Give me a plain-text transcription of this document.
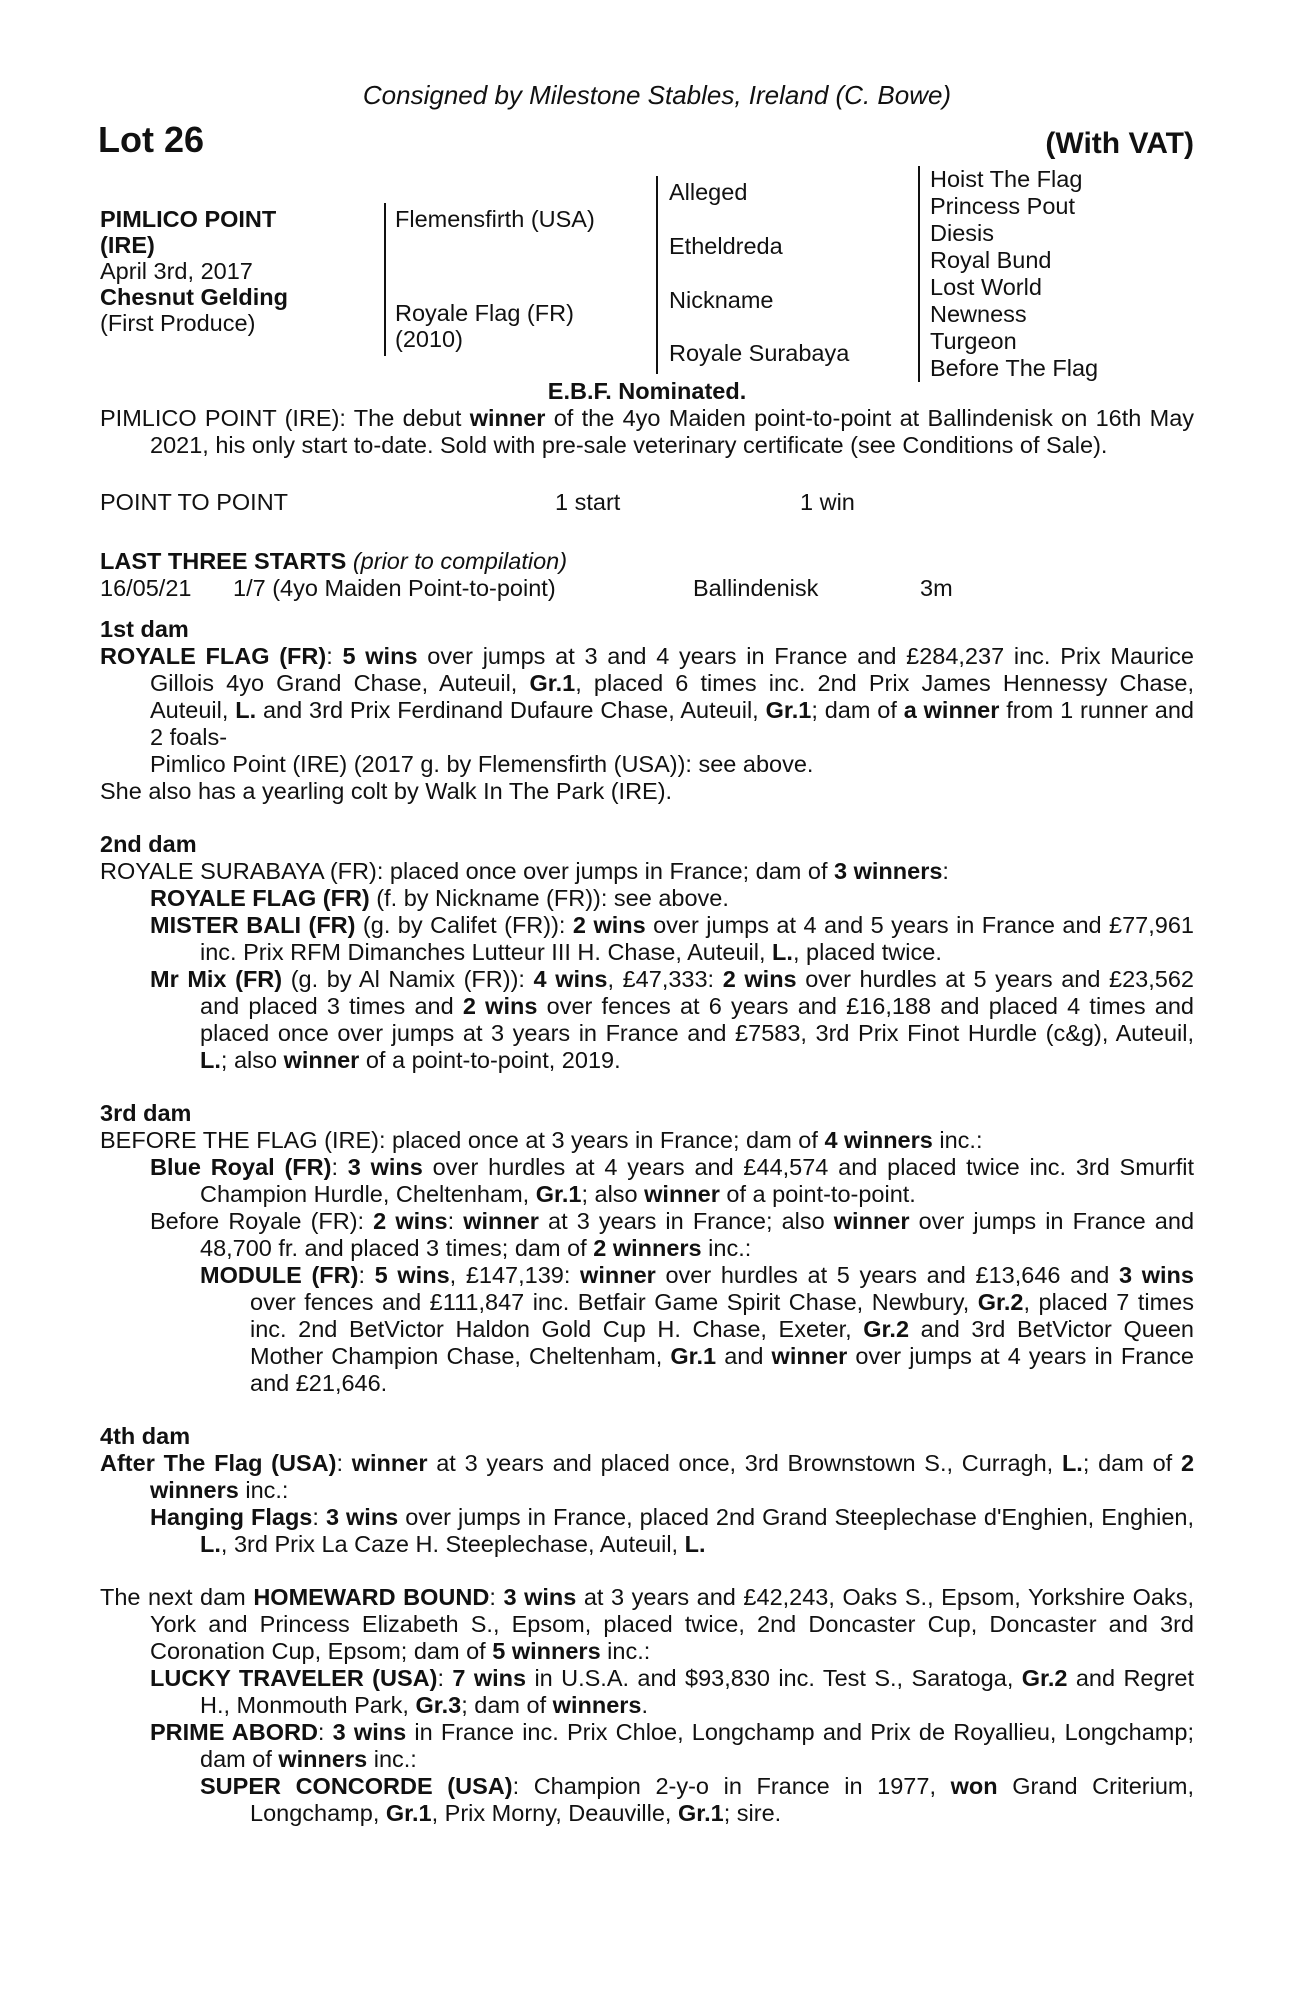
Consigned by Milestone Stables, Ireland (C. Bowe)
Lot 26	(With VAT)
PIMLICO POINT
(IRE)
April 3rd, 2017
Chesnut Gelding
(First Produce)
Flemensfirth (USA)
Royale Flag (FR)
(2010)
Alleged
Etheldreda
Nickname
Royale Surabaya
Hoist The Flag
Princess Pout
Diesis
Royal Bund
Lost World
Newness
Turgeon
Before The Flag
E.B.F. Nominated.
PIMLICO POINT (IRE): The debut winner of the 4yo Maiden point-to-point at Ballindenisk on 16th May 2021, his only start to-date. Sold with pre-sale veterinary certificate (see Conditions of Sale).
POINT TO POINT	1 start	1 win
LAST THREE STARTS (prior to compilation)
16/05/21	1/7 (4yo Maiden Point-to-point)	Ballindenisk	3m
1st dam
ROYALE FLAG (FR): 5 wins over jumps at 3 and 4 years in France and £284,237 inc. Prix Maurice Gillois 4yo Grand Chase, Auteuil, Gr.1, placed 6 times inc. 2nd Prix James Hennessy Chase, Auteuil, L. and 3rd Prix Ferdinand Dufaure Chase, Auteuil, Gr.1; dam of a winner from 1 runner and 2 foals-
Pimlico Point (IRE) (2017 g. by Flemensfirth (USA)): see above.
She also has a yearling colt by Walk In The Park (IRE).
2nd dam
ROYALE SURABAYA (FR): placed once over jumps in France; dam of 3 winners:
ROYALE FLAG (FR) (f. by Nickname (FR)): see above.
MISTER BALI (FR) (g. by Califet (FR)): 2 wins over jumps at 4 and 5 years in France and £77,961 inc. Prix RFM Dimanches Lutteur III H. Chase, Auteuil, L., placed twice.
Mr Mix (FR) (g. by Al Namix (FR)): 4 wins, £47,333: 2 wins over hurdles at 5 years and £23,562 and placed 3 times and 2 wins over fences at 6 years and £16,188 and placed 4 times and placed once over jumps at 3 years in France and £7583, 3rd Prix Finot Hurdle (c&g), Auteuil, L.; also winner of a point-to-point, 2019.
3rd dam
BEFORE THE FLAG (IRE): placed once at 3 years in France; dam of 4 winners inc.:
Blue Royal (FR): 3 wins over hurdles at 4 years and £44,574 and placed twice inc. 3rd Smurfit Champion Hurdle, Cheltenham, Gr.1; also winner of a point-to-point.
Before Royale (FR): 2 wins: winner at 3 years in France; also winner over jumps in France and 48,700 fr. and placed 3 times; dam of 2 winners inc.:
MODULE (FR): 5 wins, £147,139: winner over hurdles at 5 years and £13,646 and 3 wins over fences and £111,847 inc. Betfair Game Spirit Chase, Newbury, Gr.2, placed 7 times inc. 2nd BetVictor Haldon Gold Cup H. Chase, Exeter, Gr.2 and 3rd BetVictor Queen Mother Champion Chase, Cheltenham, Gr.1 and winner over jumps at 4 years in France and £21,646.
4th dam
After The Flag (USA): winner at 3 years and placed once, 3rd Brownstown S., Curragh, L.; dam of 2 winners inc.:
Hanging Flags: 3 wins over jumps in France, placed 2nd Grand Steeplechase d'Enghien, Enghien, L., 3rd Prix La Caze H. Steeplechase, Auteuil, L.
The next dam HOMEWARD BOUND: 3 wins at 3 years and £42,243, Oaks S., Epsom, Yorkshire Oaks, York and Princess Elizabeth S., Epsom, placed twice, 2nd Doncaster Cup, Doncaster and 3rd Coronation Cup, Epsom; dam of 5 winners inc.:
LUCKY TRAVELER (USA): 7 wins in U.S.A. and $93,830 inc. Test S., Saratoga, Gr.2 and Regret H., Monmouth Park, Gr.3; dam of winners.
PRIME ABORD: 3 wins in France inc. Prix Chloe, Longchamp and Prix de Royallieu, Longchamp; dam of winners inc.:
SUPER CONCORDE (USA): Champion 2-y-o in France in 1977, won Grand Criterium, Longchamp, Gr.1, Prix Morny, Deauville, Gr.1; sire.
